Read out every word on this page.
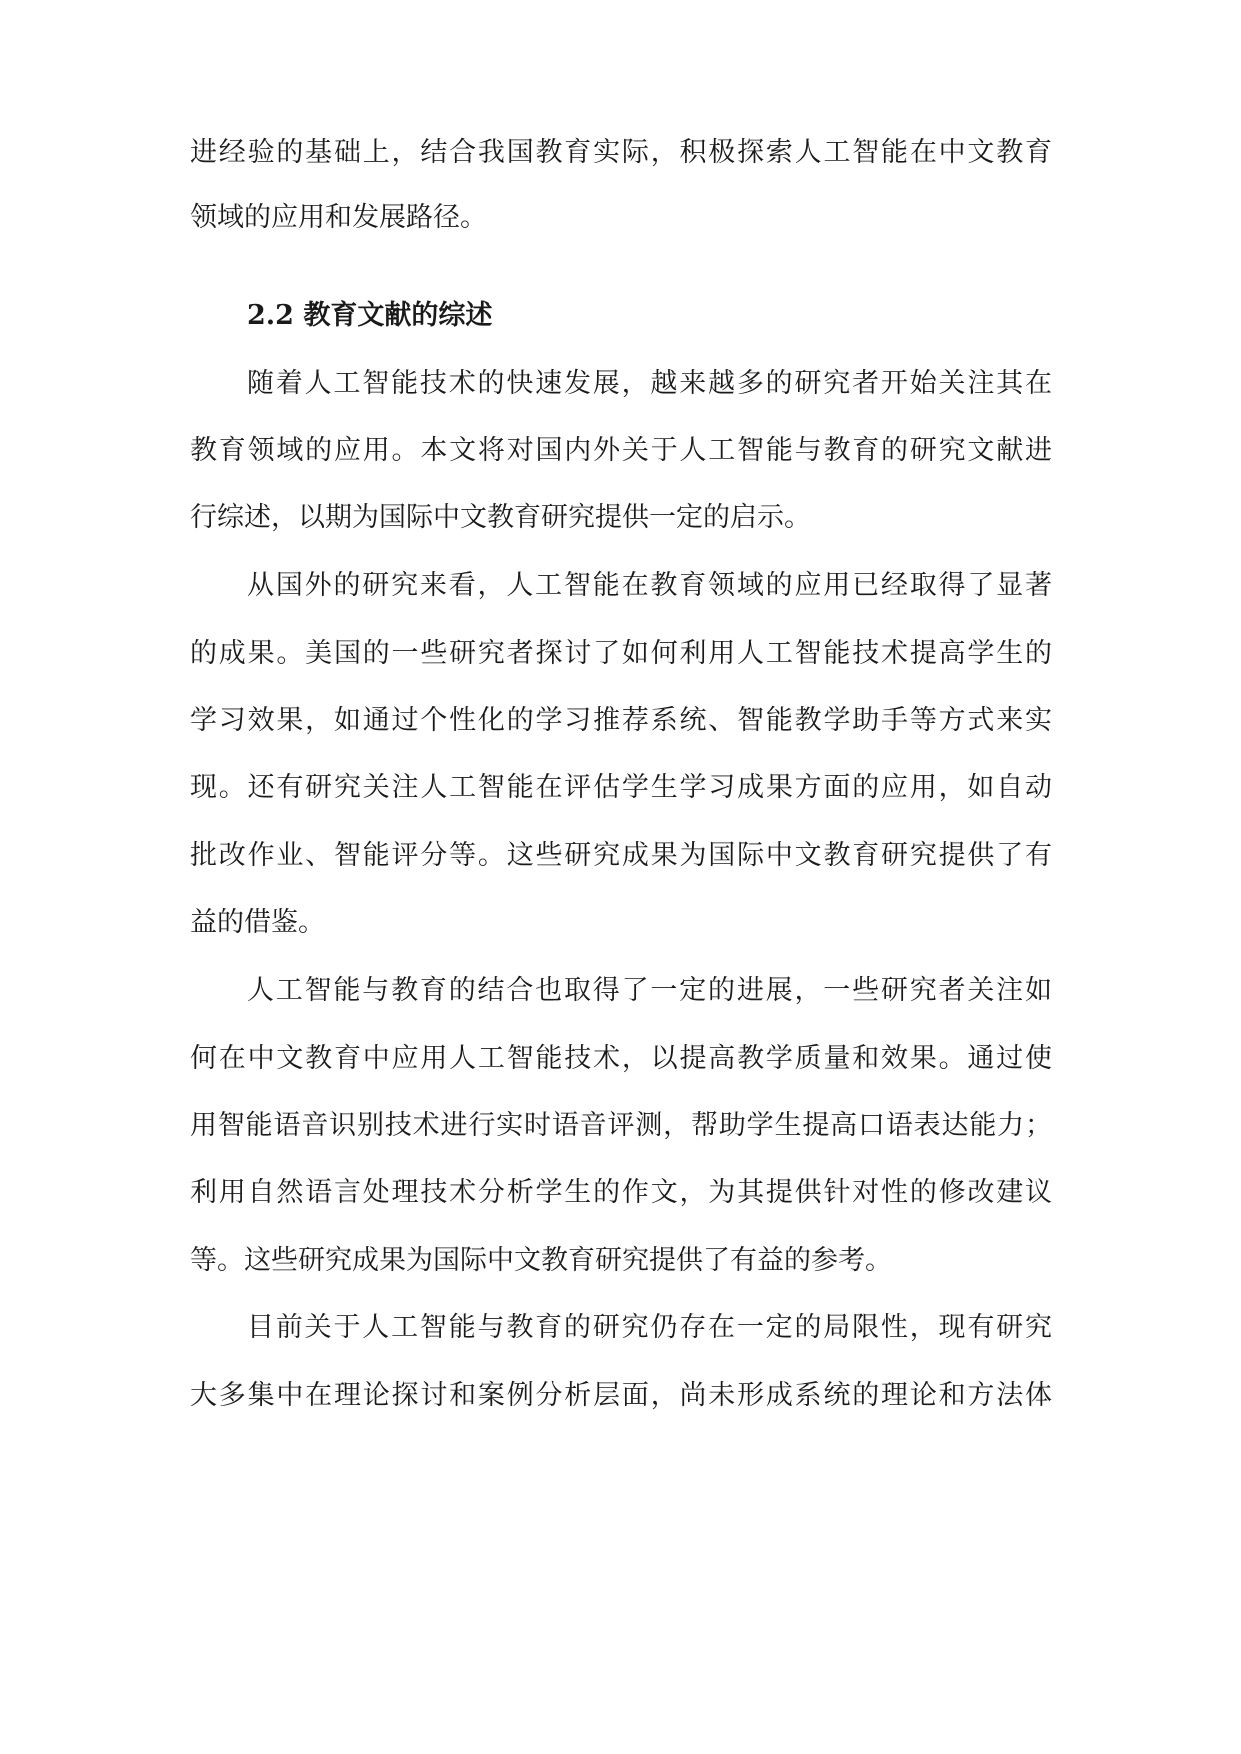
进经验的基础上，结合我国教育实际，积极探索人工智能在中文教育
领域的应用和发展路径。
2.2 教育文献的综述
随着人工智能技术的快速发展，越来越多的研究者开始关注其在
教育领域的应用。本文将对国内外关于人工智能与教育的研究文献进
行综述，以期为国际中文教育研究提供一定的启示。
从国外的研究来看，人工智能在教育领域的应用已经取得了显著
的成果。美国的一些研究者探讨了如何利用人工智能技术提高学生的
学习效果，如通过个性化的学习推荐系统、智能教学助手等方式来实
现。还有研究关注人工智能在评估学生学习成果方面的应用，如自动
批改作业、智能评分等。这些研究成果为国际中文教育研究提供了有
益的借鉴。
人工智能与教育的结合也取得了一定的进展，一些研究者关注如
何在中文教育中应用人工智能技术，以提高教学质量和效果。通过使
用智能语音识别技术进行实时语音评测，帮助学生提高口语表达能力；
利用自然语言处理技术分析学生的作文，为其提供针对性的修改建议
等。这些研究成果为国际中文教育研究提供了有益的参考。
目前关于人工智能与教育的研究仍存在一定的局限性，现有研究
大多集中在理论探讨和案例分析层面，尚未形成系统的理论和方法体
